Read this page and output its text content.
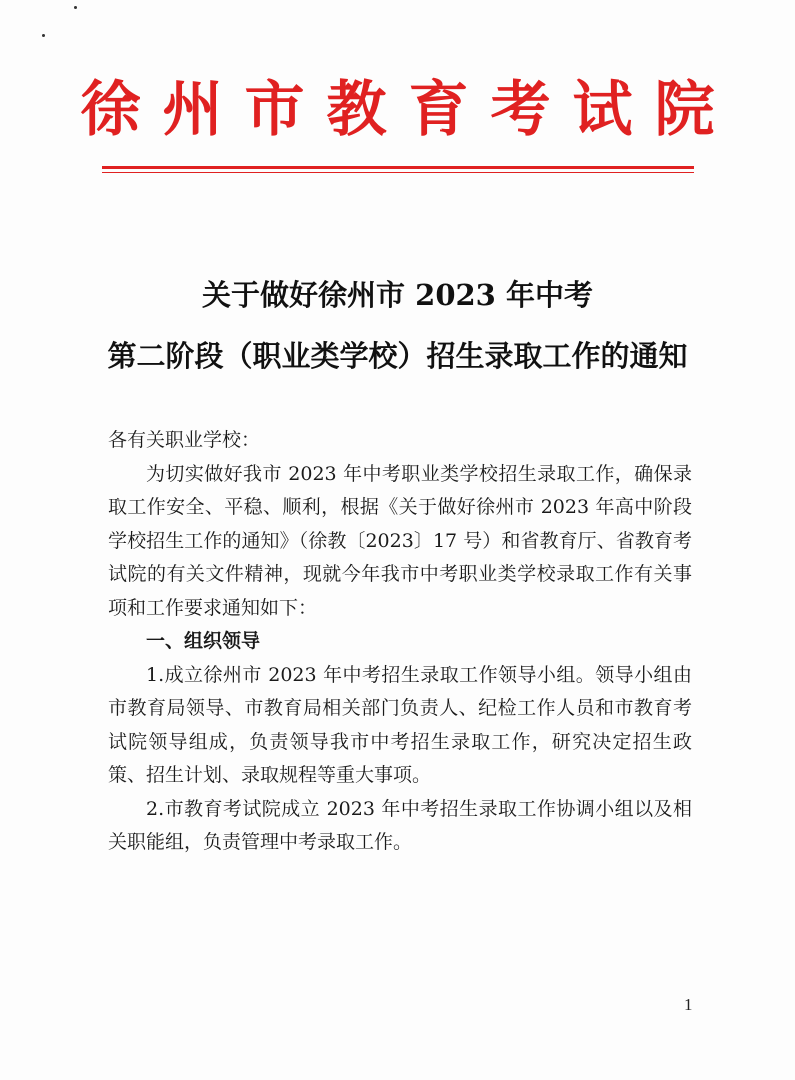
徐州市教育考试院
关于做好徐州市 2023 年中考
第二阶段（职业类学校）招生录取工作的通知

各有关职业学校：

为切实做好我市 2023 年中考职业类学校招生录取工作，确保录取工作安全、平稳、顺利，根据《关于做好徐州市 2023 年高中阶段学校招生工作的通知》（徐教〔2023〕17 号）和省教育厅、省教育考试院的有关文件精神，现就今年我市中考职业类学校录取工作有关事项和工作要求通知如下：

一、组织领导

1.成立徐州市 2023 年中考招生录取工作领导小组。领导小组由市教育局领导、市教育局相关部门负责人、纪检工作人员和市教育考试院领导组成，负责领导我市中考招生录取工作，研究决定招生政策、招生计划、录取规程等重大事项。

2.市教育考试院成立 2023 年中考招生录取工作协调小组以及相关职能组，负责管理中考录取工作。

1
